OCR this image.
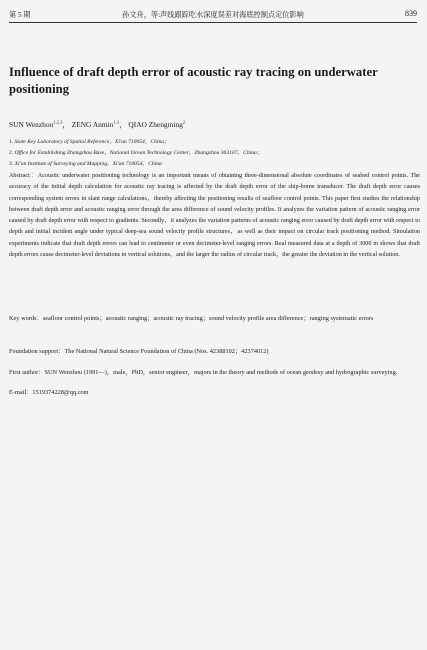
第 5 期	孙文舟，等:声线跟踪吃水深度误差对海底控制点定位影响	839
Influence of draft depth error of acoustic ray tracing on underwater positioning
SUN Wenzhou$^{1,2,3}$， ZENG Anmin$^{1,3}$， QIAO Zhengming$^2$
1. State Key Laboratory of Spatial Reference，Xi'an 710054，China；
2. Office for Establishing Zhangzhou Base，National Ocean Technology Center，Zhangzhou 363107，China；
3. Xi'an Institute of Surveying and Mapping，Xi'an 710054，China

Abstract：Acoustic underwater positioning technology is an important means of obtaining three-dimensional absolute coordinates of seabed control points. The accuracy of the initial depth calculation for acoustic ray tracing is affected by the draft depth error of the ship-borne transducer. The draft depth error causes corresponding system errors in slant range calculations，thereby affecting the positioning results of seafloor control points. This paper first studies the relationship between draft depth error and acoustic ranging error through the area difference of sound velocity profiles. It analyzes the variation pattern of acoustic ranging error caused by draft depth error with respect to gradients. Secondly，it analyzes the variation patterns of acoustic ranging error caused by draft depth error with respect to depth and initial incident angle under typical deep-sea sound velocity profile structures，as well as their impact on circular track positioning method. Simulation experiments indicate that draft depth errors can lead to centimeter or even decimeter-level ranging errors. Real measured data at a depth of 3000 m shows that draft depth errors cause decimeter-level deviations in vertical solutions，and the larger the radius of circular track，the greater the deviation in the vertical solution.

Key words：seafloor control points；acoustic ranging；acoustic ray tracing；sound velocity profile area difference；ranging systematic errors

Foundation support：The National Natural Science Foundation of China (Nos. 42388102；42374012)

First author：SUN Wenzhou (1991—)，male，PhD，senior engineer，majors in the theory and methods of ocean geodesy and hydrographic surveying.

E-mail：1519374228@qq.com
